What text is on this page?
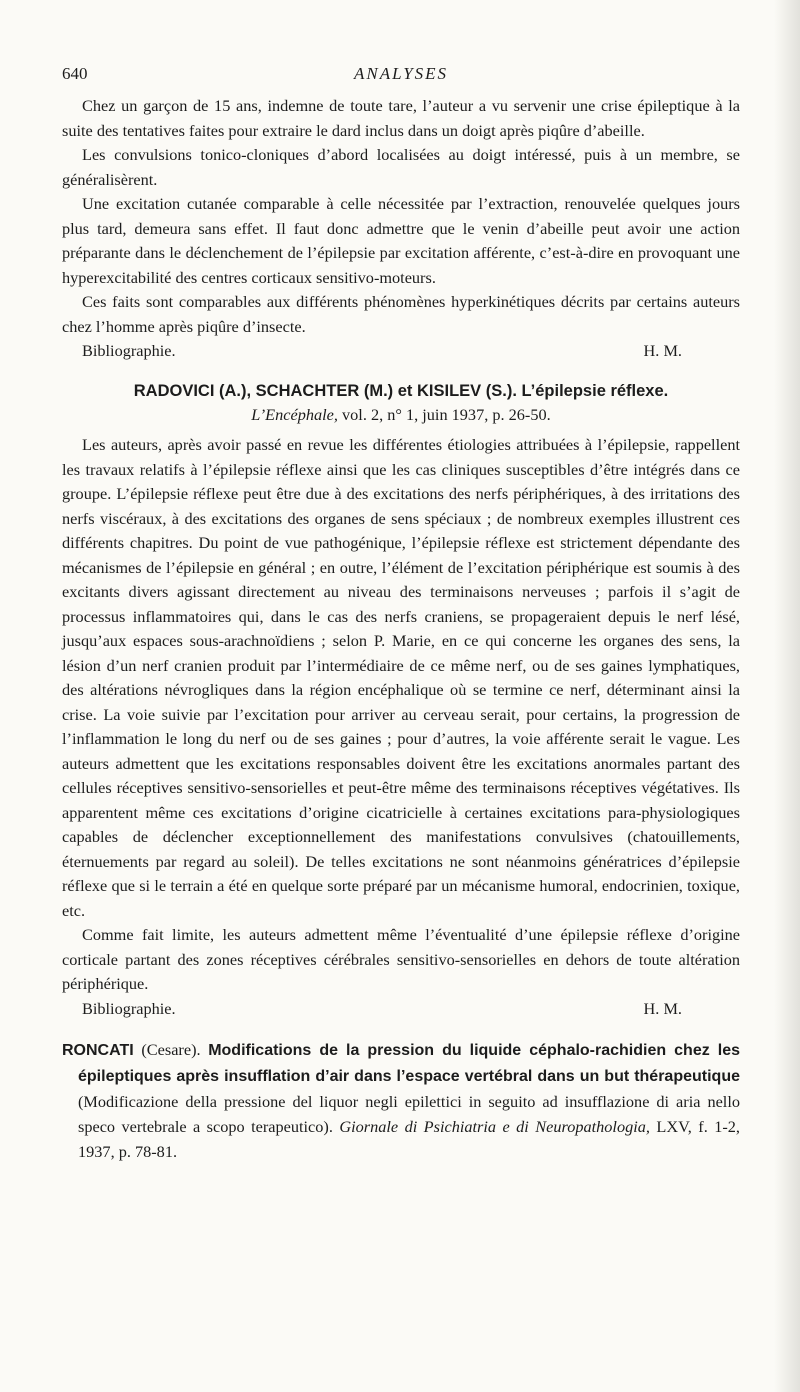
640	ANALYSES

Chez un garçon de 15 ans, indemne de toute tare, l’auteur a vu servenir une crise épileptique à la suite des tentatives faites pour extraire le dard inclus dans un doigt après piqûre d’abeille.

Les convulsions tonico-cloniques d’abord localisées au doigt intéressé, puis à un membre, se généralisèrent.

Une excitation cutanée comparable à celle nécessitée par l’extraction, renouvelée quelques jours plus tard, demeura sans effet. Il faut donc admettre que le venin d’abeille peut avoir une action préparante dans le déclenchement de l’épilepsie par excitation afférente, c’est-à-dire en provoquant une hyperexcitabilité des centres corticaux sensitivo-moteurs.

Ces faits sont comparables aux différents phénomènes hyperkinétiques décrits par certains auteurs chez l’homme après piqûre d’insecte.

Bibliographie.	H. M.
RADOVICI (A.), SCHACHTER (M.) et KISILEV (S.). L’épilepsie réflexe.
L’Encéphale, vol. 2, n° 1, juin 1937, p. 26-50.

Les auteurs, après avoir passé en revue les différentes étiologies attribuées à l’épilepsie, rappellent les travaux relatifs à l’épilepsie réflexe ainsi que les cas cliniques susceptibles d’être intégrés dans ce groupe. L’épilepsie réflexe peut être due à des excitations des nerfs périphériques, à des irritations des nerfs viscéraux, à des excitations des organes de sens spéciaux ; de nombreux exemples illustrent ces différents chapitres. Du point de vue pathogénique, l’épilepsie réflexe est strictement dépendante des mécanismes de l’épilepsie en général ; en outre, l’élément de l’excitation périphérique est soumis à des excitants divers agissant directement au niveau des terminaisons nerveuses ; parfois il s’agit de processus inflammatoires qui, dans le cas des nerfs craniens, se propageraient depuis le nerf lésé, jusqu’aux espaces sous-arachnoïdiens ; selon P. Marie, en ce qui concerne les organes des sens, la lésion d’un nerf cranien produit par l’intermédiaire de ce même nerf, ou de ses gaines lymphatiques, des altérations névrogliques dans la région encéphalique où se termine ce nerf, déterminant ainsi la crise. La voie suivie par l’excitation pour arriver au cerveau serait, pour certains, la progression de l’inflammation le long du nerf ou de ses gaines ; pour d’autres, la voie afférente serait le vague. Les auteurs admettent que les excitations responsables doivent être les excitations anormales partant des cellules réceptives sensitivo-sensorielles et peut-être même des terminaisons réceptives végétatives. Ils apparentent même ces excitations d’origine cicatricielle à certaines excitations para-physiologiques capables de déclencher exceptionnellement des manifestations convulsives (chatouillements, éternuements par regard au soleil). De telles excitations ne sont néanmoins génératrices d’épilepsie réflexe que si le terrain a été en quelque sorte préparé par un mécanisme humoral, endocrinien, toxique, etc.

Comme fait limite, les auteurs admettent même l’éventualité d’une épilepsie réflexe d’origine corticale partant des zones réceptives cérébrales sensitivo-sensorielles en dehors de toute altération périphérique.

Bibliographie.	H. M.

RONCATI (Cesare). Modifications de la pression du liquide céphalo-rachidien chez les épileptiques après insufflation d’air dans l’espace vertébral dans un but thérapeutique (Modificazione della pressione del liquor negli epilettici in seguito ad insufflazione di aria nello speco vertebrale a scopo terapeutico). Giornale di Psichiatria e di Neuropathologia, LXV, f. 1-2, 1937, p. 78-81.
